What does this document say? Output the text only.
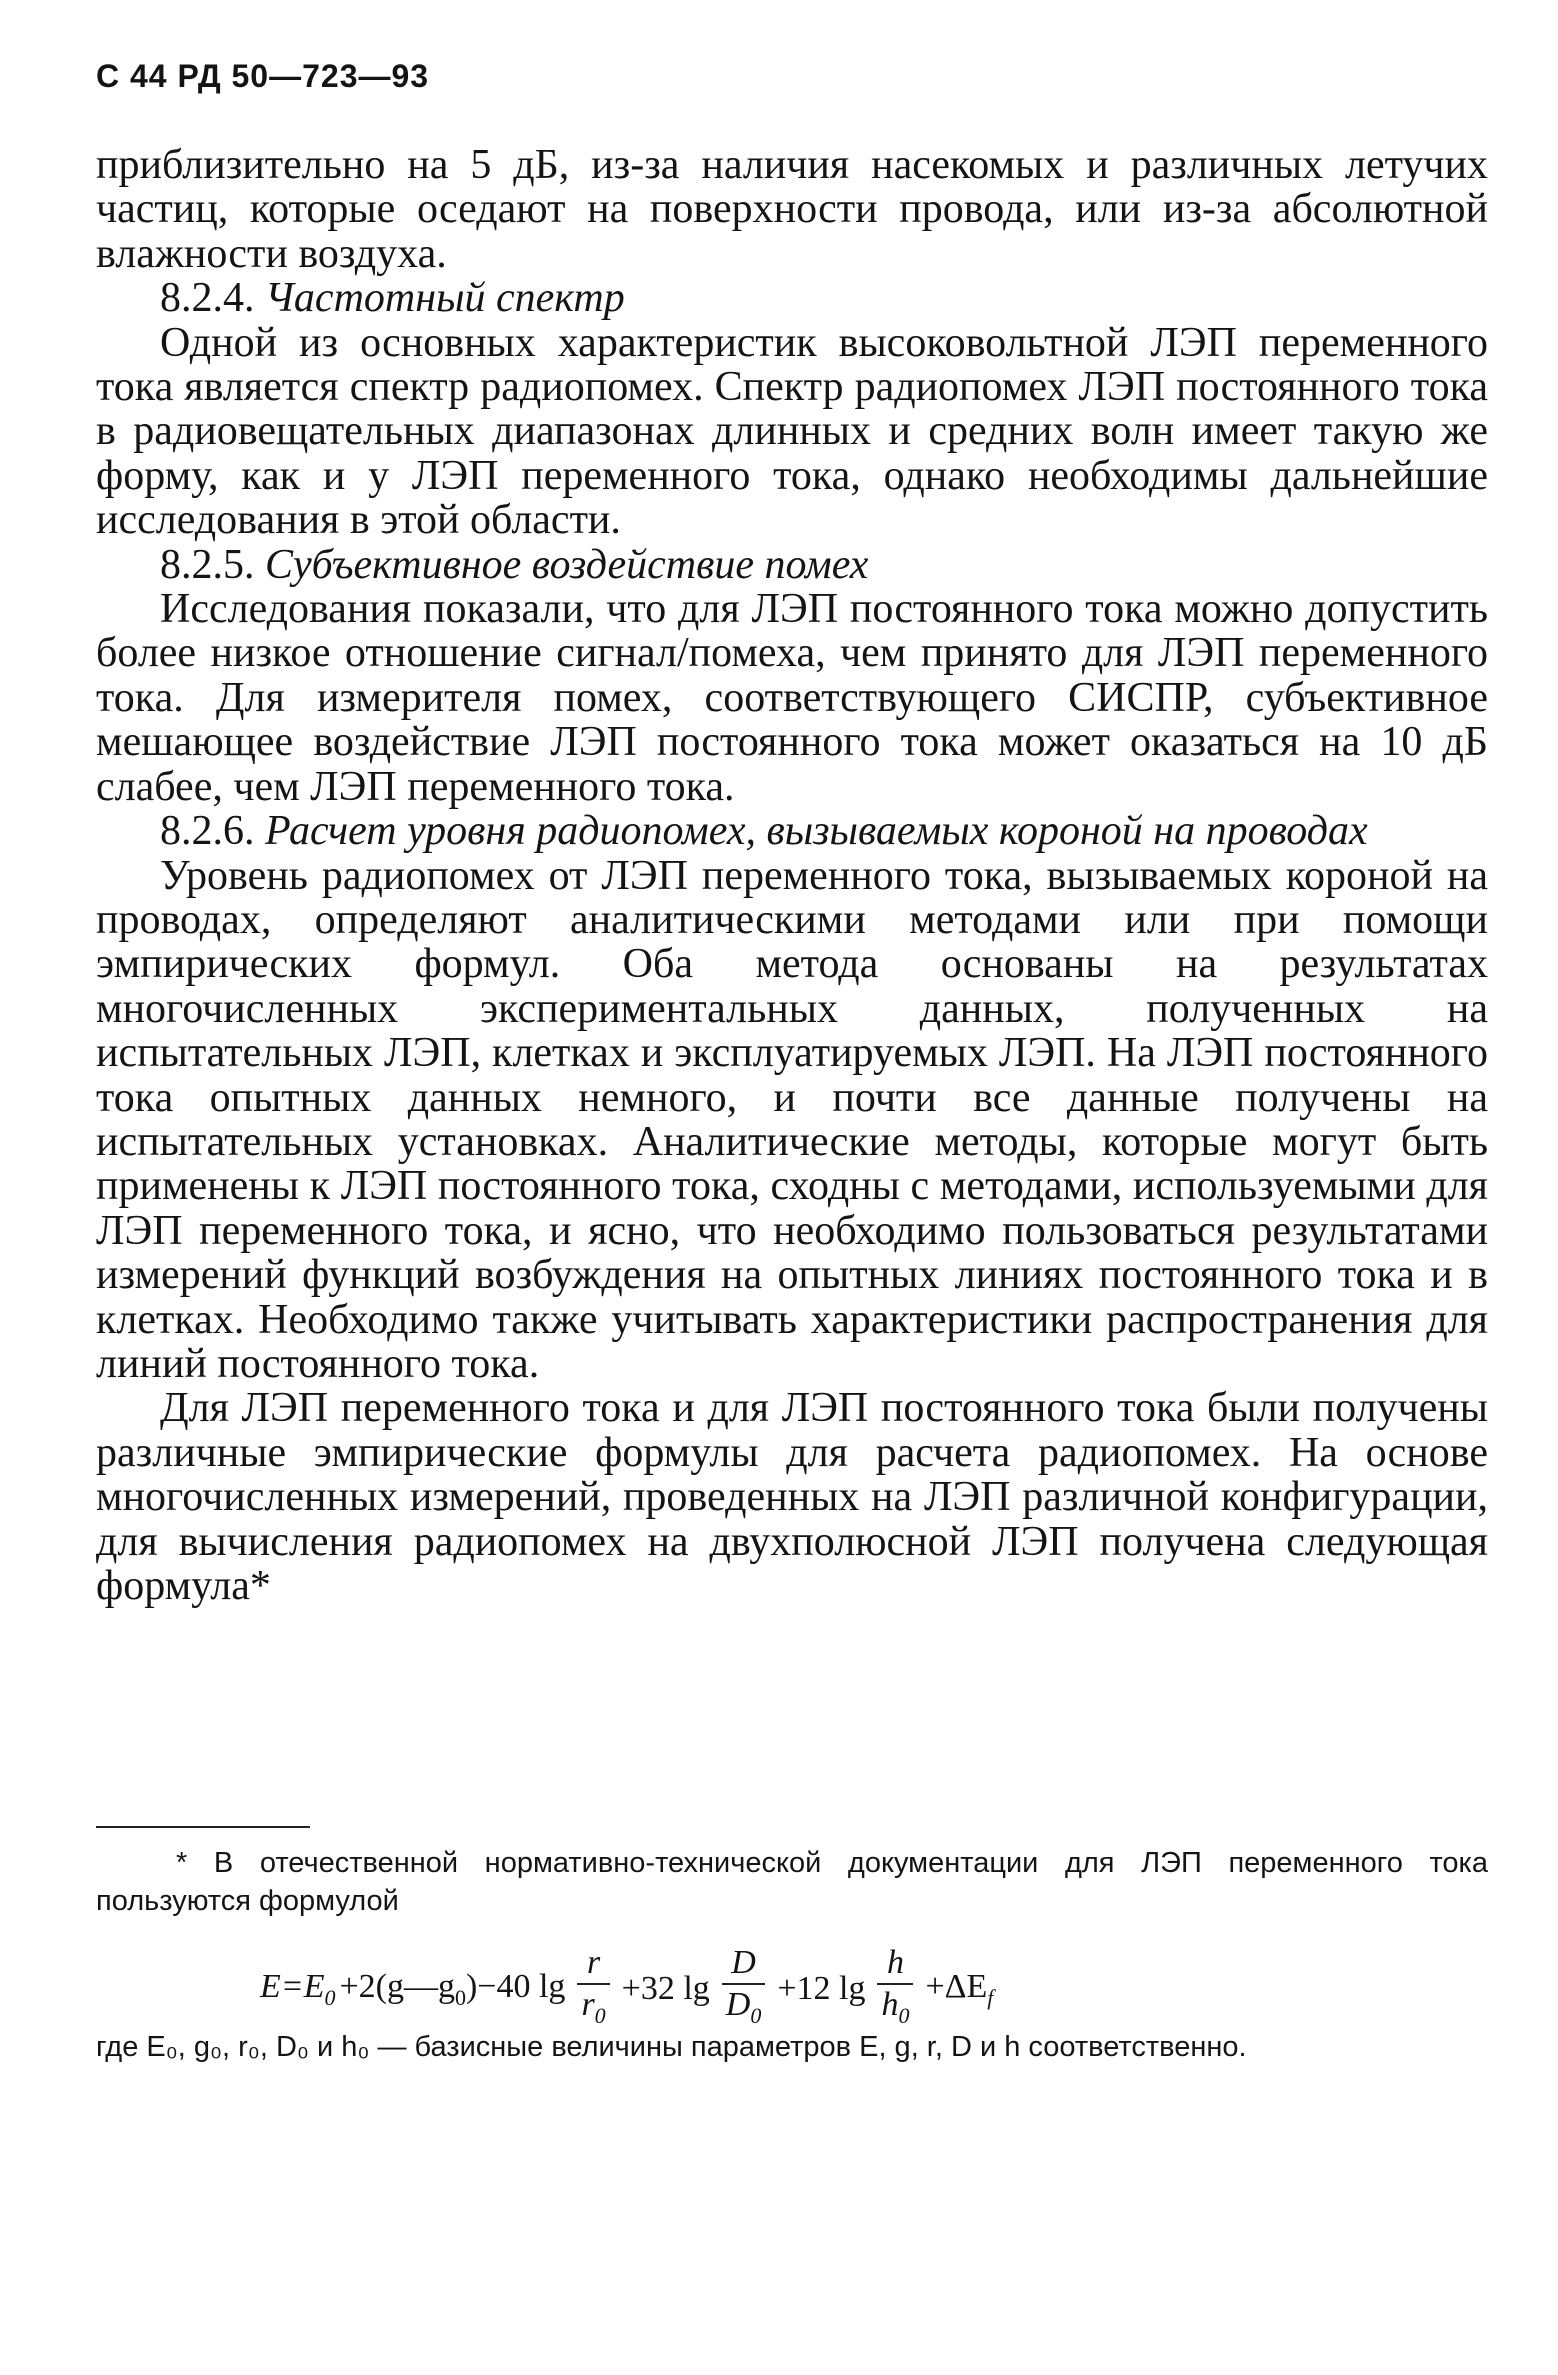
С 44 РД 50—723—93

приблизительно на 5 дБ, из-за наличия насекомых и различных летучих частиц, которые оседают на поверхности провода, или из-за абсолютной влажности воздуха.

8.2.4. Частотный спектр

Одной из основных характеристик высоковольтной ЛЭП переменного тока является спектр радиопомех. Спектр радиопомех ЛЭП постоянного тока в радиовещательных диапазонах длинных и средних волн имеет такую же форму, как и у ЛЭП переменного тока, однако необходимы дальнейшие исследования в этой области.

8.2.5. Субъективное воздействие помех

Исследования показали, что для ЛЭП постоянного тока можно допустить более низкое отношение сигнал/помеха, чем принято для ЛЭП переменного тока. Для измерителя помех, соответствующего СИСПР, субъективное мешающее воздействие ЛЭП постоянного тока может оказаться на 10 дБ слабее, чем ЛЭП переменного тока.

8.2.6. Расчет уровня радиопомех, вызываемых короной на проводах

Уровень радиопомех от ЛЭП переменного тока, вызываемых короной на проводах, определяют аналитическими методами или при помощи эмпирических формул. Оба метода основаны на результатах многочисленных экспериментальных данных, полученных на испытательных ЛЭП, клетках и эксплуатируемых ЛЭП. На ЛЭП постоянного тока опытных данных немного, и почти все данные получены на испытательных установках. Аналитические методы, которые могут быть применены к ЛЭП постоянного тока, сходны с методами, используемыми для ЛЭП переменного тока, и ясно, что необходимо пользоваться результатами измерений функций возбуждения на опытных линиях постоянного тока и в клетках. Необходимо также учитывать характеристики распространения для линий постоянного тока.

Для ЛЭП переменного тока и для ЛЭП постоянного тока были получены различные эмпирические формулы для расчета радиопомех. На основе многочисленных измерений, проведенных на ЛЭП различной конфигурации, для вычисления радиопомех на двухполюсной ЛЭП получена следующая формула*

* В отечественной нормативно-технической документации для ЛЭП переменного тока пользуются формулой

$E=E_0$ $+2(g—g_0)-40$ $\lg \frac{r}{r_0} +32$ $\lg \frac{D}{D_0} +12$ $\lg \frac{h}{h_0} +\Delta E_f$

где E₀, g₀, r₀, D₀ и h₀ — базисные величины параметров E, g, r, D и h соответственно.
